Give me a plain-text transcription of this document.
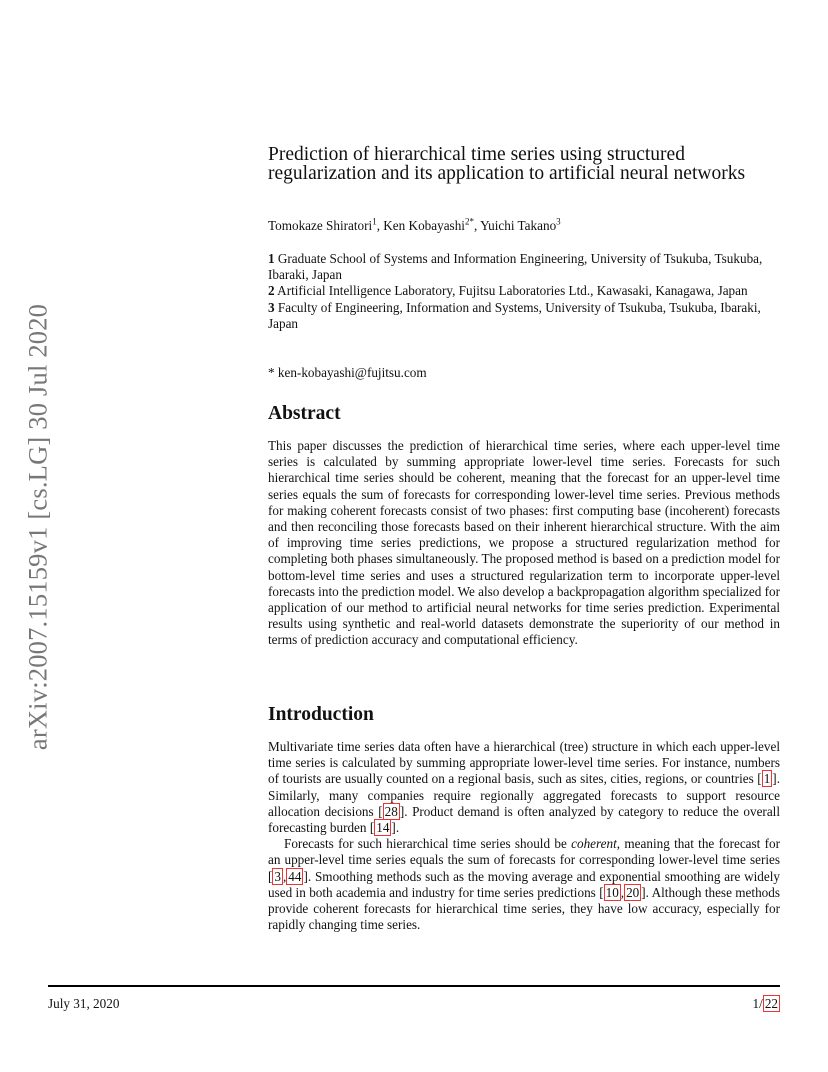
arXiv:2007.15159v1 [cs.LG] 30 Jul 2020
Prediction of hierarchical time series using structured regularization and its application to artificial neural networks
Tomokaze Shiratori$^1$, Ken Kobayashi$^{2*}$, Yuichi Takano$^3$

1 Graduate School of Systems and Information Engineering, University of Tsukuba, Tsukuba, Ibaraki, Japan

2 Artificial Intelligence Laboratory, Fujitsu Laboratories Ltd., Kawasaki, Kanagawa, Japan

3 Faculty of Engineering, Information and Systems, University of Tsukuba, Tsukuba, Ibaraki, Japan

* ken-kobayashi@fujitsu.com
Abstract

This paper discusses the prediction of hierarchical time series, where each upper-level time series is calculated by summing appropriate lower-level time series. Forecasts for such hierarchical time series should be coherent, meaning that the forecast for an upper-level time series equals the sum of forecasts for corresponding lower-level time series. Previous methods for making coherent forecasts consist of two phases: first computing base (incoherent) forecasts and then reconciling those forecasts based on their inherent hierarchical structure. With the aim of improving time series predictions, we propose a structured regularization method for completing both phases simultaneously. The proposed method is based on a prediction model for bottom-level time series and uses a structured regularization term to incorporate upper-level forecasts into the prediction model. We also develop a backpropagation algorithm specialized for application of our method to artificial neural networks for time series prediction. Experimental results using synthetic and real-world datasets demonstrate the superiority of our method in terms of prediction accuracy and computational efficiency.

Introduction

Multivariate time series data often have a hierarchical (tree) structure in which each upper-level time series is calculated by summing appropriate lower-level time series. For instance, numbers of tourists are usually counted on a regional basis, such as sites, cities, regions, or countries [ 1 ]. Similarly, many companies require regionally aggregated forecasts to support resource allocation decisions [ 28 ]. Product demand is often analyzed by category to reduce the overall forecasting burden [ 14 ].

Forecasts for such hierarchical time series should be coherent, meaning that the forecast for an upper-level time series equals the sum of forecasts for corresponding lower-level time series [ 3 , 44 ]. Smoothing methods such as the moving average and exponential smoothing are widely used in both academia and industry for time series predictions [ 10 , 20 ]. Although these methods provide coherent forecasts for hierarchical time series, they have low accuracy, especially for rapidly changing time series.

July 31, 2020	1/ 22
